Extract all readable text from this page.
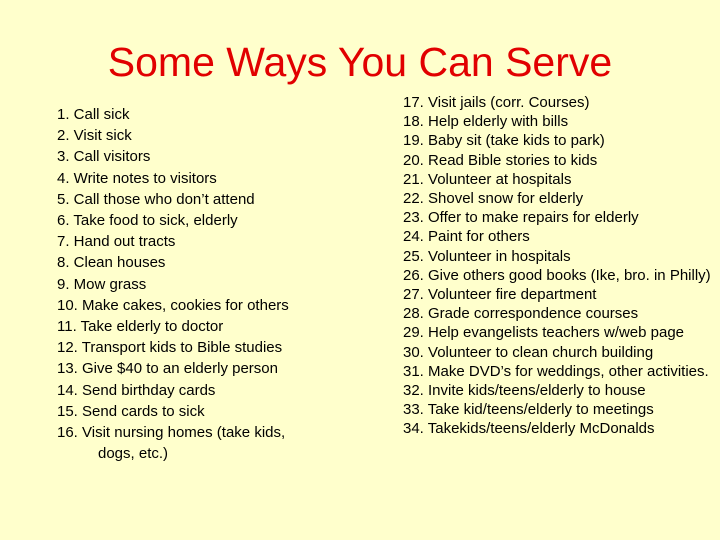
Some Ways You Can Serve
1. Call sick
2. Visit sick
3. Call visitors
4. Write notes to visitors
5. Call those who don’t attend
6. Take food to sick, elderly
7. Hand out tracts
8. Clean houses
9. Mow grass
10. Make cakes, cookies for others
11. Take elderly to doctor
12. Transport kids to Bible studies
13. Give $40 to an elderly person
14. Send birthday cards
15. Send cards to sick
16. Visit nursing homes (take kids,
dogs, etc.)
17. Visit jails (corr. Courses)
18. Help elderly with bills
19. Baby sit (take kids to park)
20. Read Bible stories to kids
21. Volunteer at hospitals
22. Shovel snow for elderly
23. Offer to make repairs for elderly
24. Paint for others
25. Volunteer in hospitals
26. Give others good books (Ike, bro. in Philly)
27. Volunteer fire department
28. Grade correspondence courses
29. Help evangelists teachers w/web page
30. Volunteer to clean church building
31. Make DVD’s for weddings, other activities.
32. Invite kids/teens/elderly to house
33. Take kid/teens/elderly to meetings
34. Takekids/teens/elderly McDonalds
